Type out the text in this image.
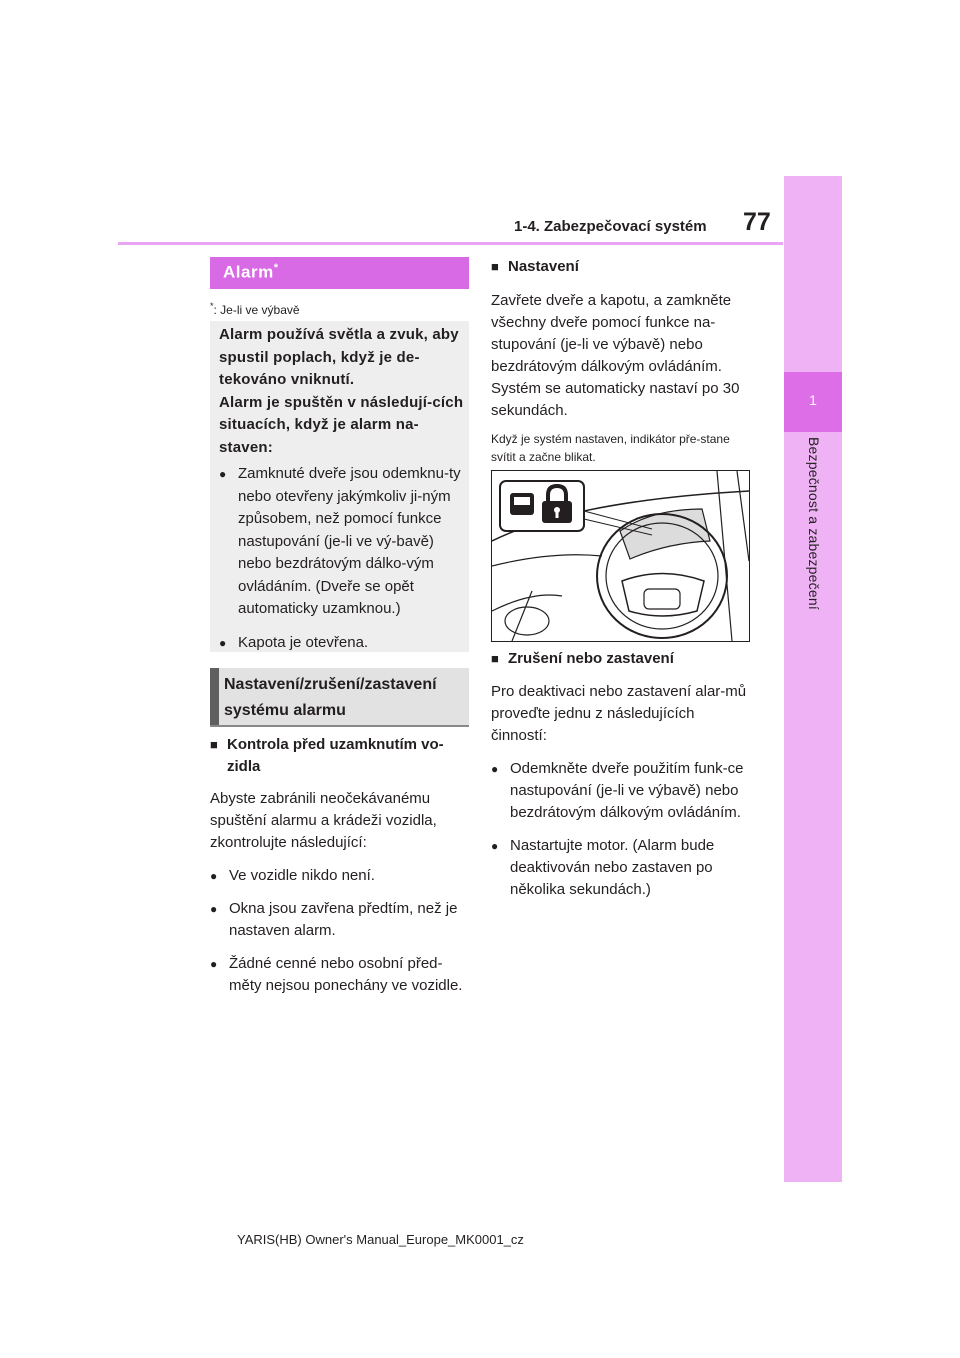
1-4. Zabezpečovací systém 77
1
Bezpečnost a zabezpečení
Alarm*
*: Je-li ve výbavě
Alarm používá světla a zvuk, aby spustil poplach, když je de-tekováno vniknutí.
Alarm je spuštěn v následují-cích situacích, když je alarm na-staven:
● Zamknuté dveře jsou odemknu-ty nebo otevřeny jakýmkoliv ji-ným způsobem, než pomocí funkce nastupování (je-li ve vý-bavě) nebo bezdrátovým dálko-vým ovládáním. (Dveře se opět automaticky uzamknou.)
● Kapota je otevřena.
Nastavení/zrušení/zastavení systému alarmu
■ Kontrola před uzamknutím vo-zidla
Abyste zabránili neočekávanému spuštění alarmu a krádeži vozidla, zkontrolujte následující:
● Ve vozidle nikdo není.
● Okna jsou zavřena předtím, než je nastaven alarm.
● Žádné cenné nebo osobní před-měty nejsou ponechány ve vozidle.
■ Nastavení
Zavřete dveře a kapotu, a zamkněte všechny dveře pomocí funkce na-stupování (je-li ve výbavě) nebo bezdrátovým dálkovým ovládáním. Systém se automaticky nastaví po 30 sekundách.
Když je systém nastaven, indikátor pře-stane svítit a začne blikat.
■ Zrušení nebo zastavení
Pro deaktivaci nebo zastavení alar-mů proveďte jednu z následujících činností:
● Odemkněte dveře použitím funk-ce nastupování (je-li ve výbavě) nebo bezdrátovým dálkovým ovládáním.
● Nastartujte motor. (Alarm bude deaktivován nebo zastaven po několika sekundách.)
YARIS(HB) Owner's Manual_Europe_MK0001_cz
